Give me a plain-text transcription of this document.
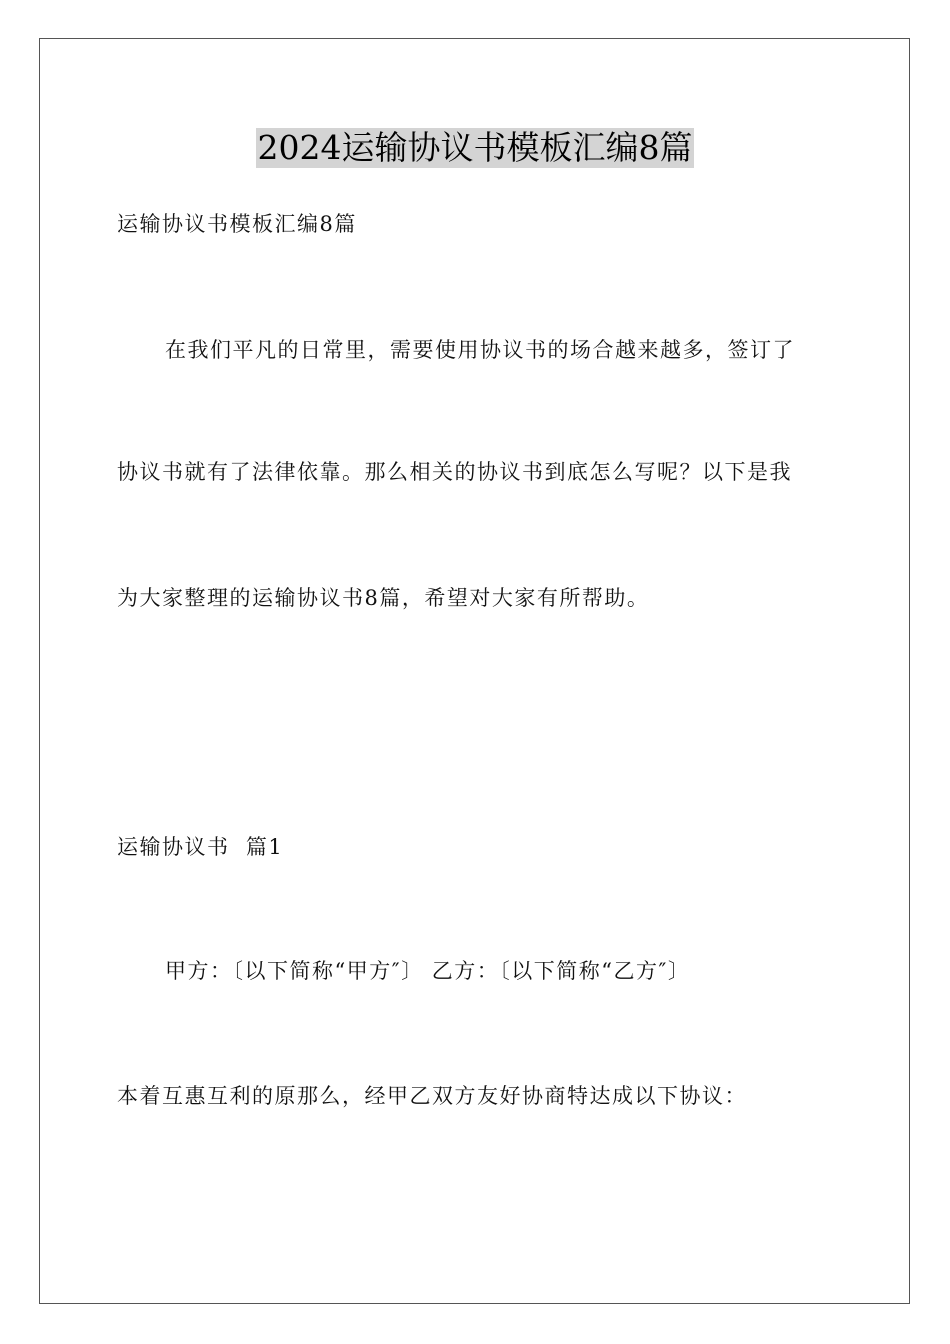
2024运输协议书模板汇编8篇
运输协议书模板汇编8篇
在我们平凡的日常里，需要使用协议书的场合越来越多，签订了
协议书就有了法律依靠。那么相关的协议书到底怎么写呢？以下是我
为大家整理的运输协议书8篇，希望对大家有所帮助。
运输协议书  篇1
甲方：〔以下简称“甲方″〕 乙方：〔以下简称“乙方″〕
本着互惠互利的原那么，经甲乙双方友好协商特达成以下协议：
